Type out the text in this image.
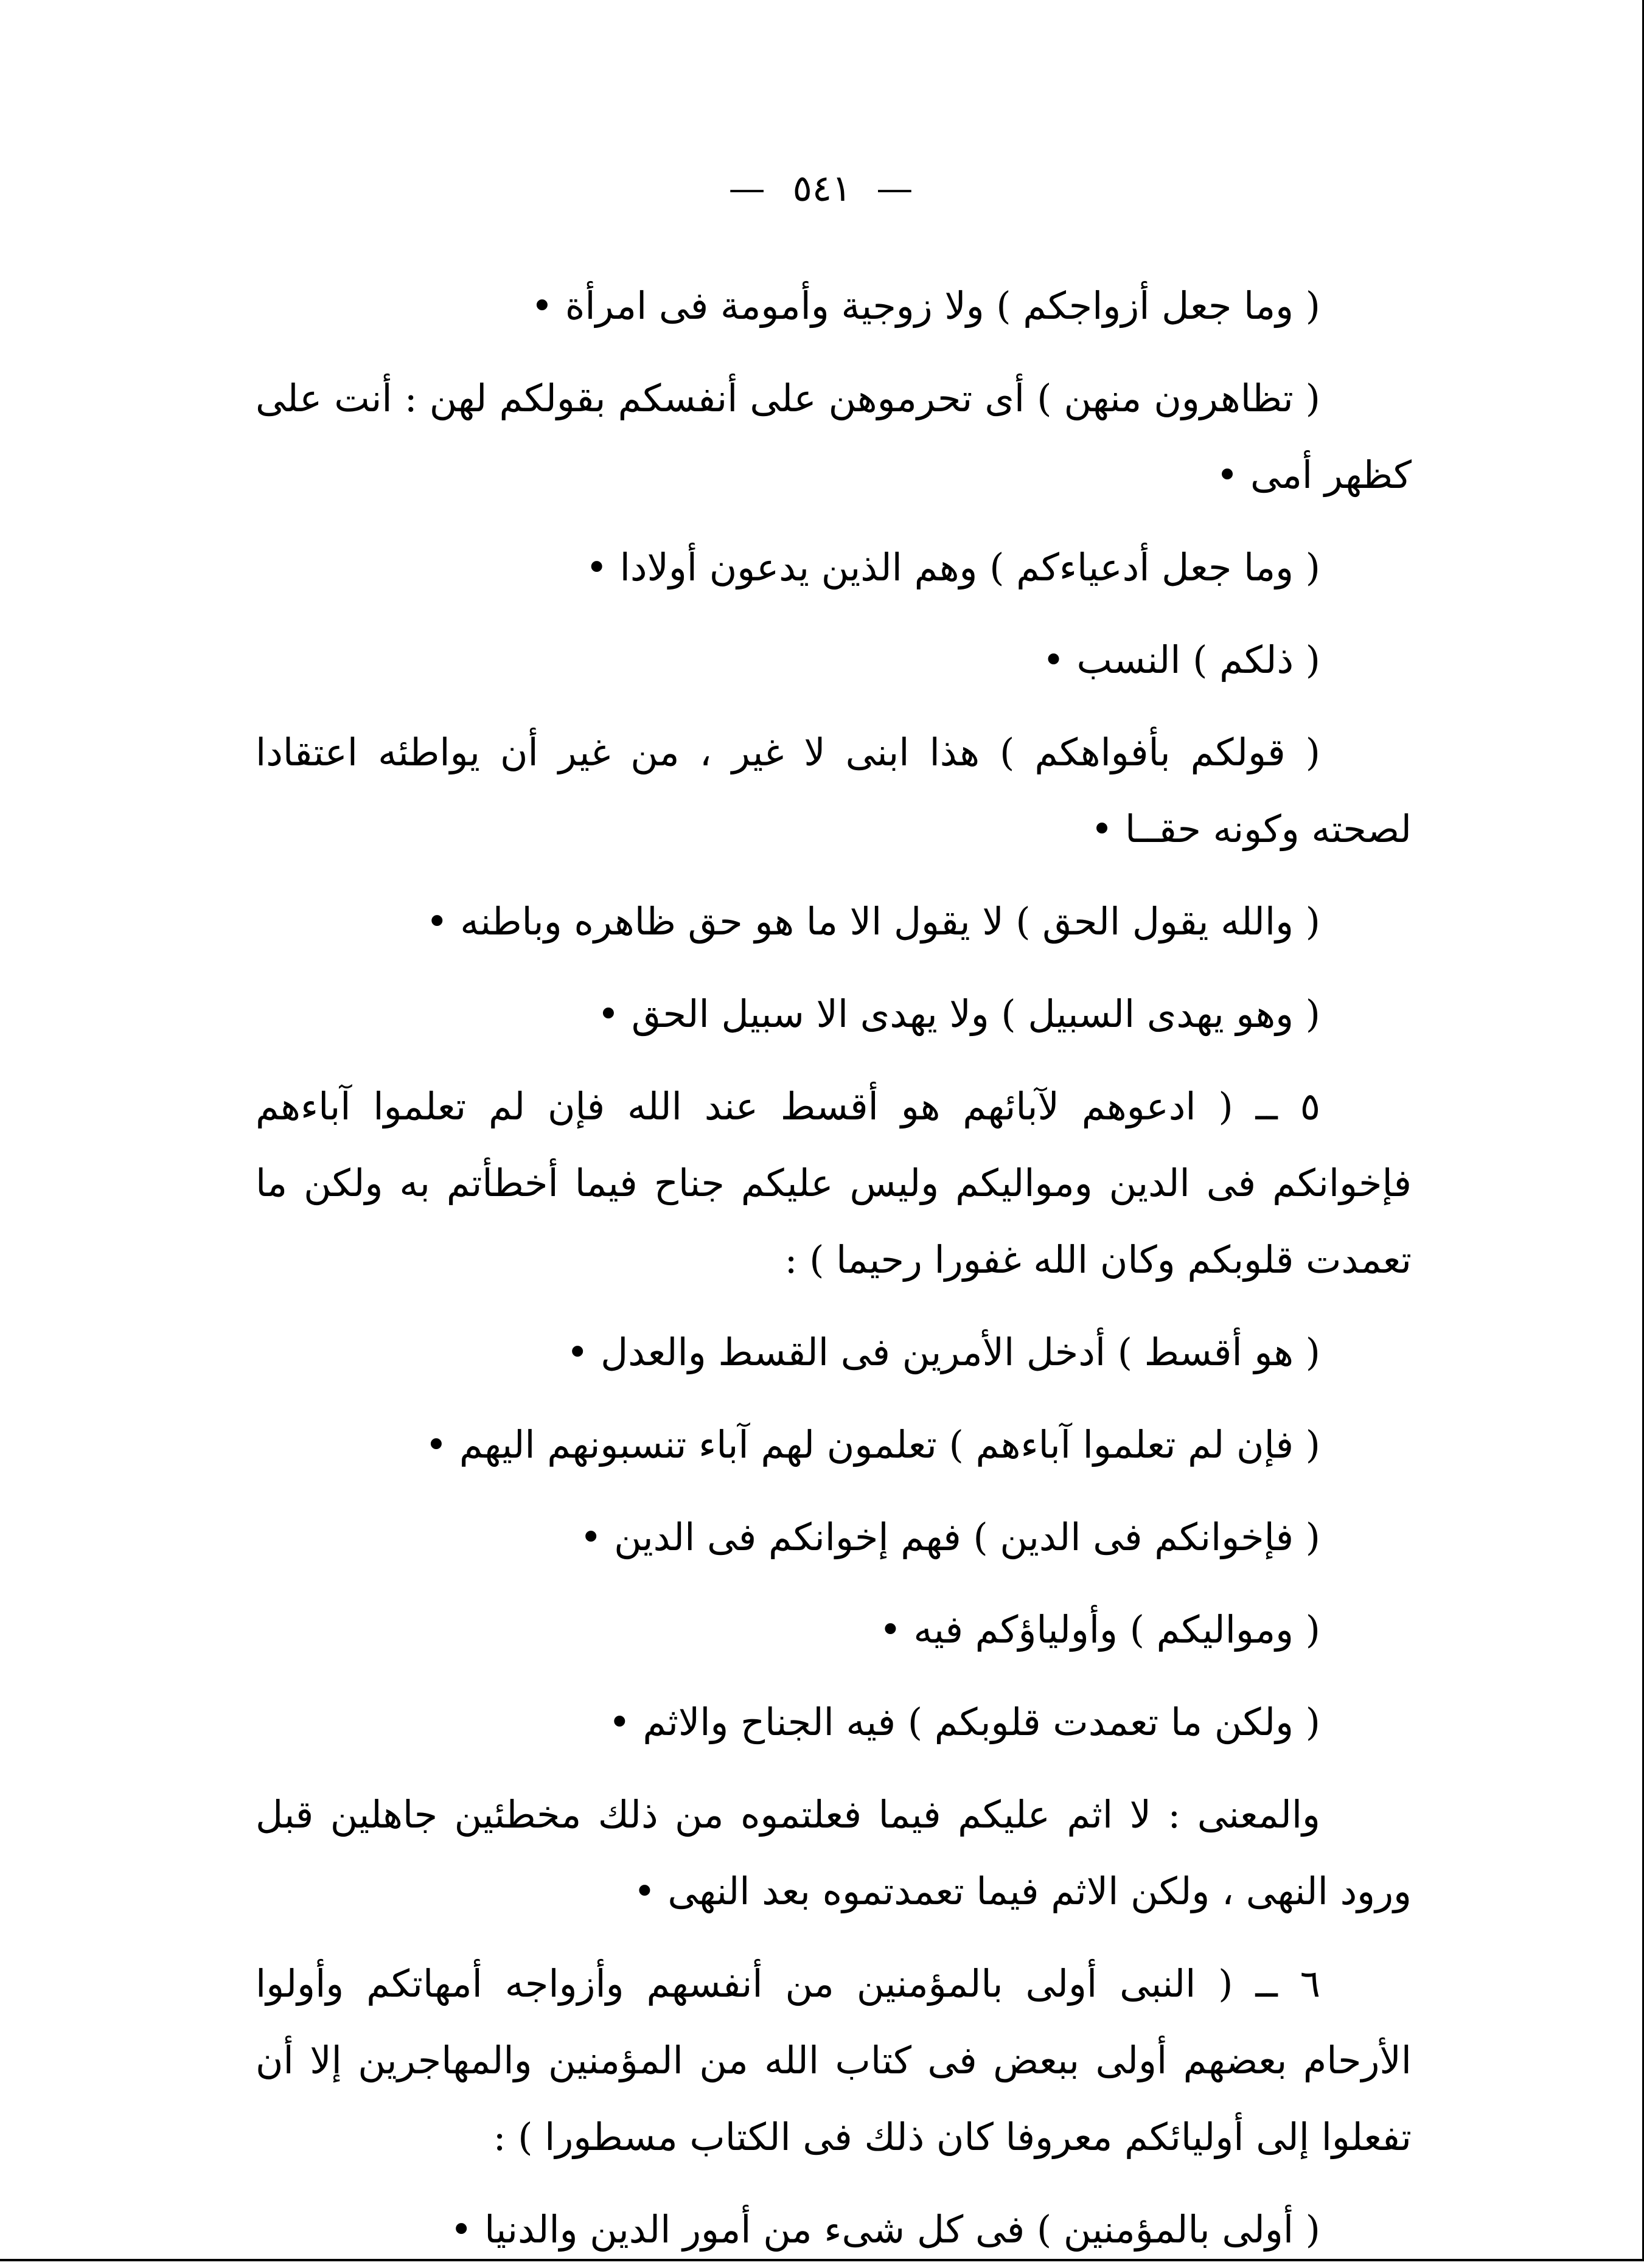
— ٥٤١ —

( وما جعل أزواجكم ) ولا زوجية وأمومة فى امرأة •

( تظاهرون منهن ) أى تحرموهن على أنفسكم بقولكم لهن : أنت على كظهر أمى •

( وما جعل أدعياءكم ) وهم الذين يدعون أولادا •

( ذلكم ) النسب •

( قولكم بأفواهكم ) هذا ابنى لا غير ، من غير أن يواطئه اعتقادا لصحته وكونه حقــا •

( والله يقول الحق ) لا يقول الا ما هو حق ظاهره وباطنه •

( وهو يهدى السبيل ) ولا يهدى الا سبيل الحق •

٥ ــ ( ادعوهم لآبائهم هو أقسط عند الله فإن لم تعلموا آباءهم فإخوانكم فى الدين ومواليكم وليس عليكم جناح فيما أخطأتم به ولكن ما تعمدت قلوبكم وكان الله غفورا رحيما ) :

( هو أقسط ) أدخل الأمرين فى القسط والعدل •

( فإن لم تعلموا آباءهم ) تعلمون لهم آباء تنسبونهم اليهم •

( فإخوانكم فى الدين ) فهم إخوانكم فى الدين •

( ومواليكم ) وأولياؤكم فيه •

( ولكن ما تعمدت قلوبكم ) فيه الجناح والاثم •

والمعنى : لا اثم عليكم فيما فعلتموه من ذلك مخطئين جاهلين قبل ورود النهى ، ولكن الاثم فيما تعمدتموه بعد النهى •

٦ ــ ( النبى أولى بالمؤمنين من أنفسهم وأزواجه أمهاتكم وأولوا الأرحام بعضهم أولى ببعض فى كتاب الله من المؤمنين والمهاجرين إلا أن تفعلوا إلى أوليائكم معروفا كان ذلك فى الكتاب مسطورا ) :

( أولى بالمؤمنين ) فى كل شىء من أمور الدين والدنيا •
